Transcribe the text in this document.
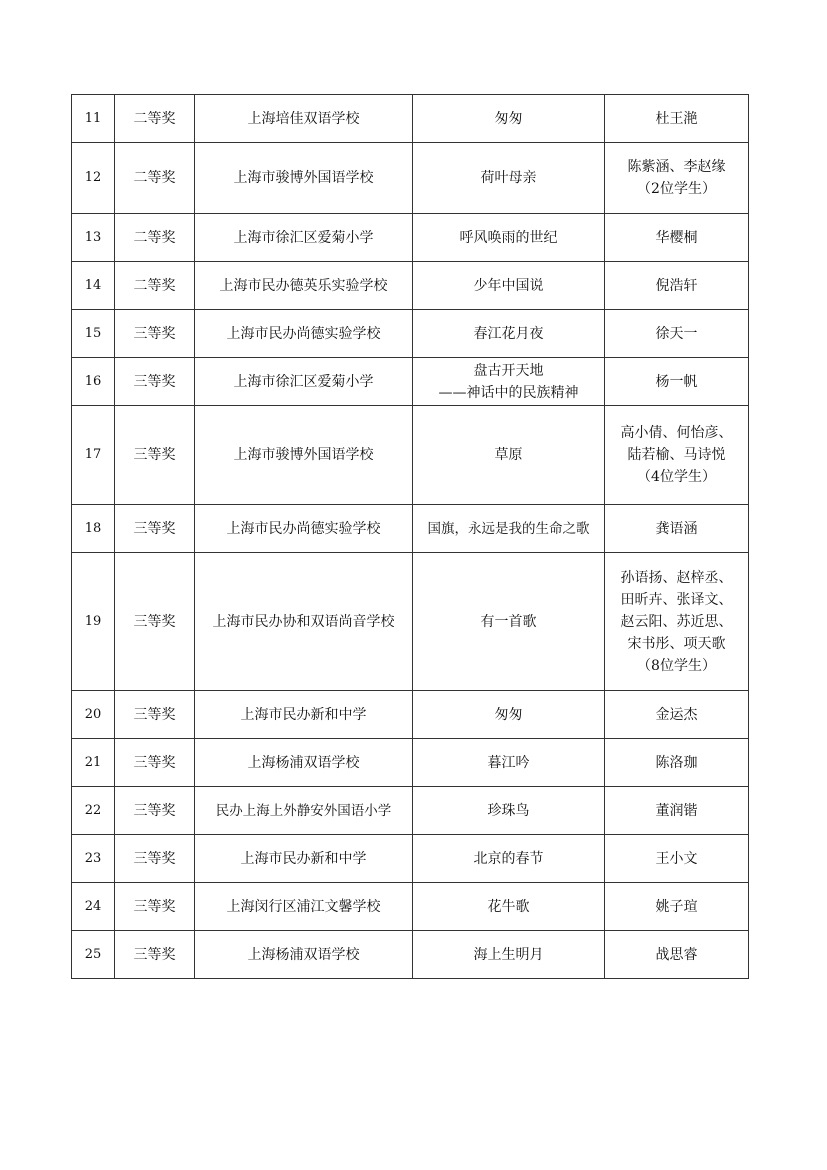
11	二等奖	上海培佳双语学校	匆匆	杜王滟
12	二等奖	上海市骏博外国语学校	荷叶母亲	陈紫涵、李赵缘
（2位学生）
13	二等奖	上海市徐汇区爱菊小学	呼风唤雨的世纪	华樱桐
14	二等奖	上海市民办德英乐实验学校	少年中国说	倪浩轩
15	三等奖	上海市民办尚德实验学校	春江花月夜	徐天一
16	三等奖	上海市徐汇区爱菊小学	盘古开天地
——神话中的民族精神	杨一帆
17	三等奖	上海市骏博外国语学校	草原	高小倩、何怡彦、
陆若榆、马诗悦
（4位学生）
18	三等奖	上海市民办尚德实验学校	国旗，永远是我的生命之歌	龚语涵
19	三等奖	上海市民办协和双语尚音学校	有一首歌	孙语扬、赵梓丞、
田昕卉、张译文、
赵云阳、苏近思、
宋书彤、项天歌
（8位学生）
20	三等奖	上海市民办新和中学	匆匆	金运杰
21	三等奖	上海杨浦双语学校	暮江吟	陈洛珈
22	三等奖	民办上海上外静安外国语小学	珍珠鸟	董润锴
23	三等奖	上海市民办新和中学	北京的春节	王小文
24	三等奖	上海闵行区浦江文馨学校	花牛歌	姚子瑄
25	三等奖	上海杨浦双语学校	海上生明月	战思睿
